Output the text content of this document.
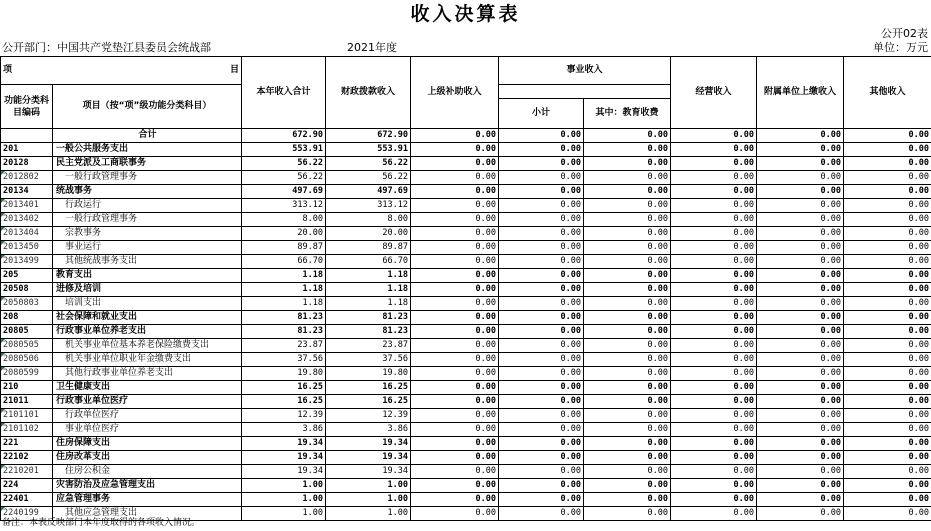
收入决算表
公开02表
公开部门：中国共产党垫江县委员会统战部	2021年度	单位：万元
项 目		本年收入合计	财政拨款收入	上级补助收入	事业收入		经营收入	附属单位上缴收入	其他收入
功能分类科目编码	项目（按“项”级功能分类科目）								
					小计	其中：教育收费			
	合计	672.90	672.90	0.00	0.00	0.00	0.00	0.00	0.00
201	一般公共服务支出	553.91	553.91	0.00	0.00	0.00	0.00	0.00	0.00
20128	民主党派及工商联事务	56.22	56.22	0.00	0.00	0.00	0.00	0.00	0.00
2012802	一般行政管理事务	56.22	56.22	0.00	0.00	0.00	0.00	0.00	0.00
20134	统战事务	497.69	497.69	0.00	0.00	0.00	0.00	0.00	0.00
2013401	行政运行	313.12	313.12	0.00	0.00	0.00	0.00	0.00	0.00
2013402	一般行政管理事务	8.00	8.00	0.00	0.00	0.00	0.00	0.00	0.00
2013404	宗教事务	20.00	20.00	0.00	0.00	0.00	0.00	0.00	0.00
2013450	事业运行	89.87	89.87	0.00	0.00	0.00	0.00	0.00	0.00
2013499	其他统战事务支出	66.70	66.70	0.00	0.00	0.00	0.00	0.00	0.00
205	教育支出	1.18	1.18	0.00	0.00	0.00	0.00	0.00	0.00
20508	进修及培训	1.18	1.18	0.00	0.00	0.00	0.00	0.00	0.00
2050803	培训支出	1.18	1.18	0.00	0.00	0.00	0.00	0.00	0.00
208	社会保障和就业支出	81.23	81.23	0.00	0.00	0.00	0.00	0.00	0.00
20805	行政事业单位养老支出	81.23	81.23	0.00	0.00	0.00	0.00	0.00	0.00
2080505	机关事业单位基本养老保险缴费支出	23.87	23.87	0.00	0.00	0.00	0.00	0.00	0.00
2080506	机关事业单位职业年金缴费支出	37.56	37.56	0.00	0.00	0.00	0.00	0.00	0.00
2080599	其他行政事业单位养老支出	19.80	19.80	0.00	0.00	0.00	0.00	0.00	0.00
210	卫生健康支出	16.25	16.25	0.00	0.00	0.00	0.00	0.00	0.00
21011	行政事业单位医疗	16.25	16.25	0.00	0.00	0.00	0.00	0.00	0.00
2101101	行政单位医疗	12.39	12.39	0.00	0.00	0.00	0.00	0.00	0.00
2101102	事业单位医疗	3.86	3.86	0.00	0.00	0.00	0.00	0.00	0.00
221	住房保障支出	19.34	19.34	0.00	0.00	0.00	0.00	0.00	0.00
22102	住房改革支出	19.34	19.34	0.00	0.00	0.00	0.00	0.00	0.00
2210201	住房公积金	19.34	19.34	0.00	0.00	0.00	0.00	0.00	0.00
224	灾害防治及应急管理支出	1.00	1.00	0.00	0.00	0.00	0.00	0.00	0.00
22401	应急管理事务	1.00	1.00	0.00	0.00	0.00	0.00	0.00	0.00
2240199	其他应急管理支出	1.00	1.00	0.00	0.00	0.00	0.00	0.00	0.00
备注：本表反映部门本年度取得的各项收入情况。
